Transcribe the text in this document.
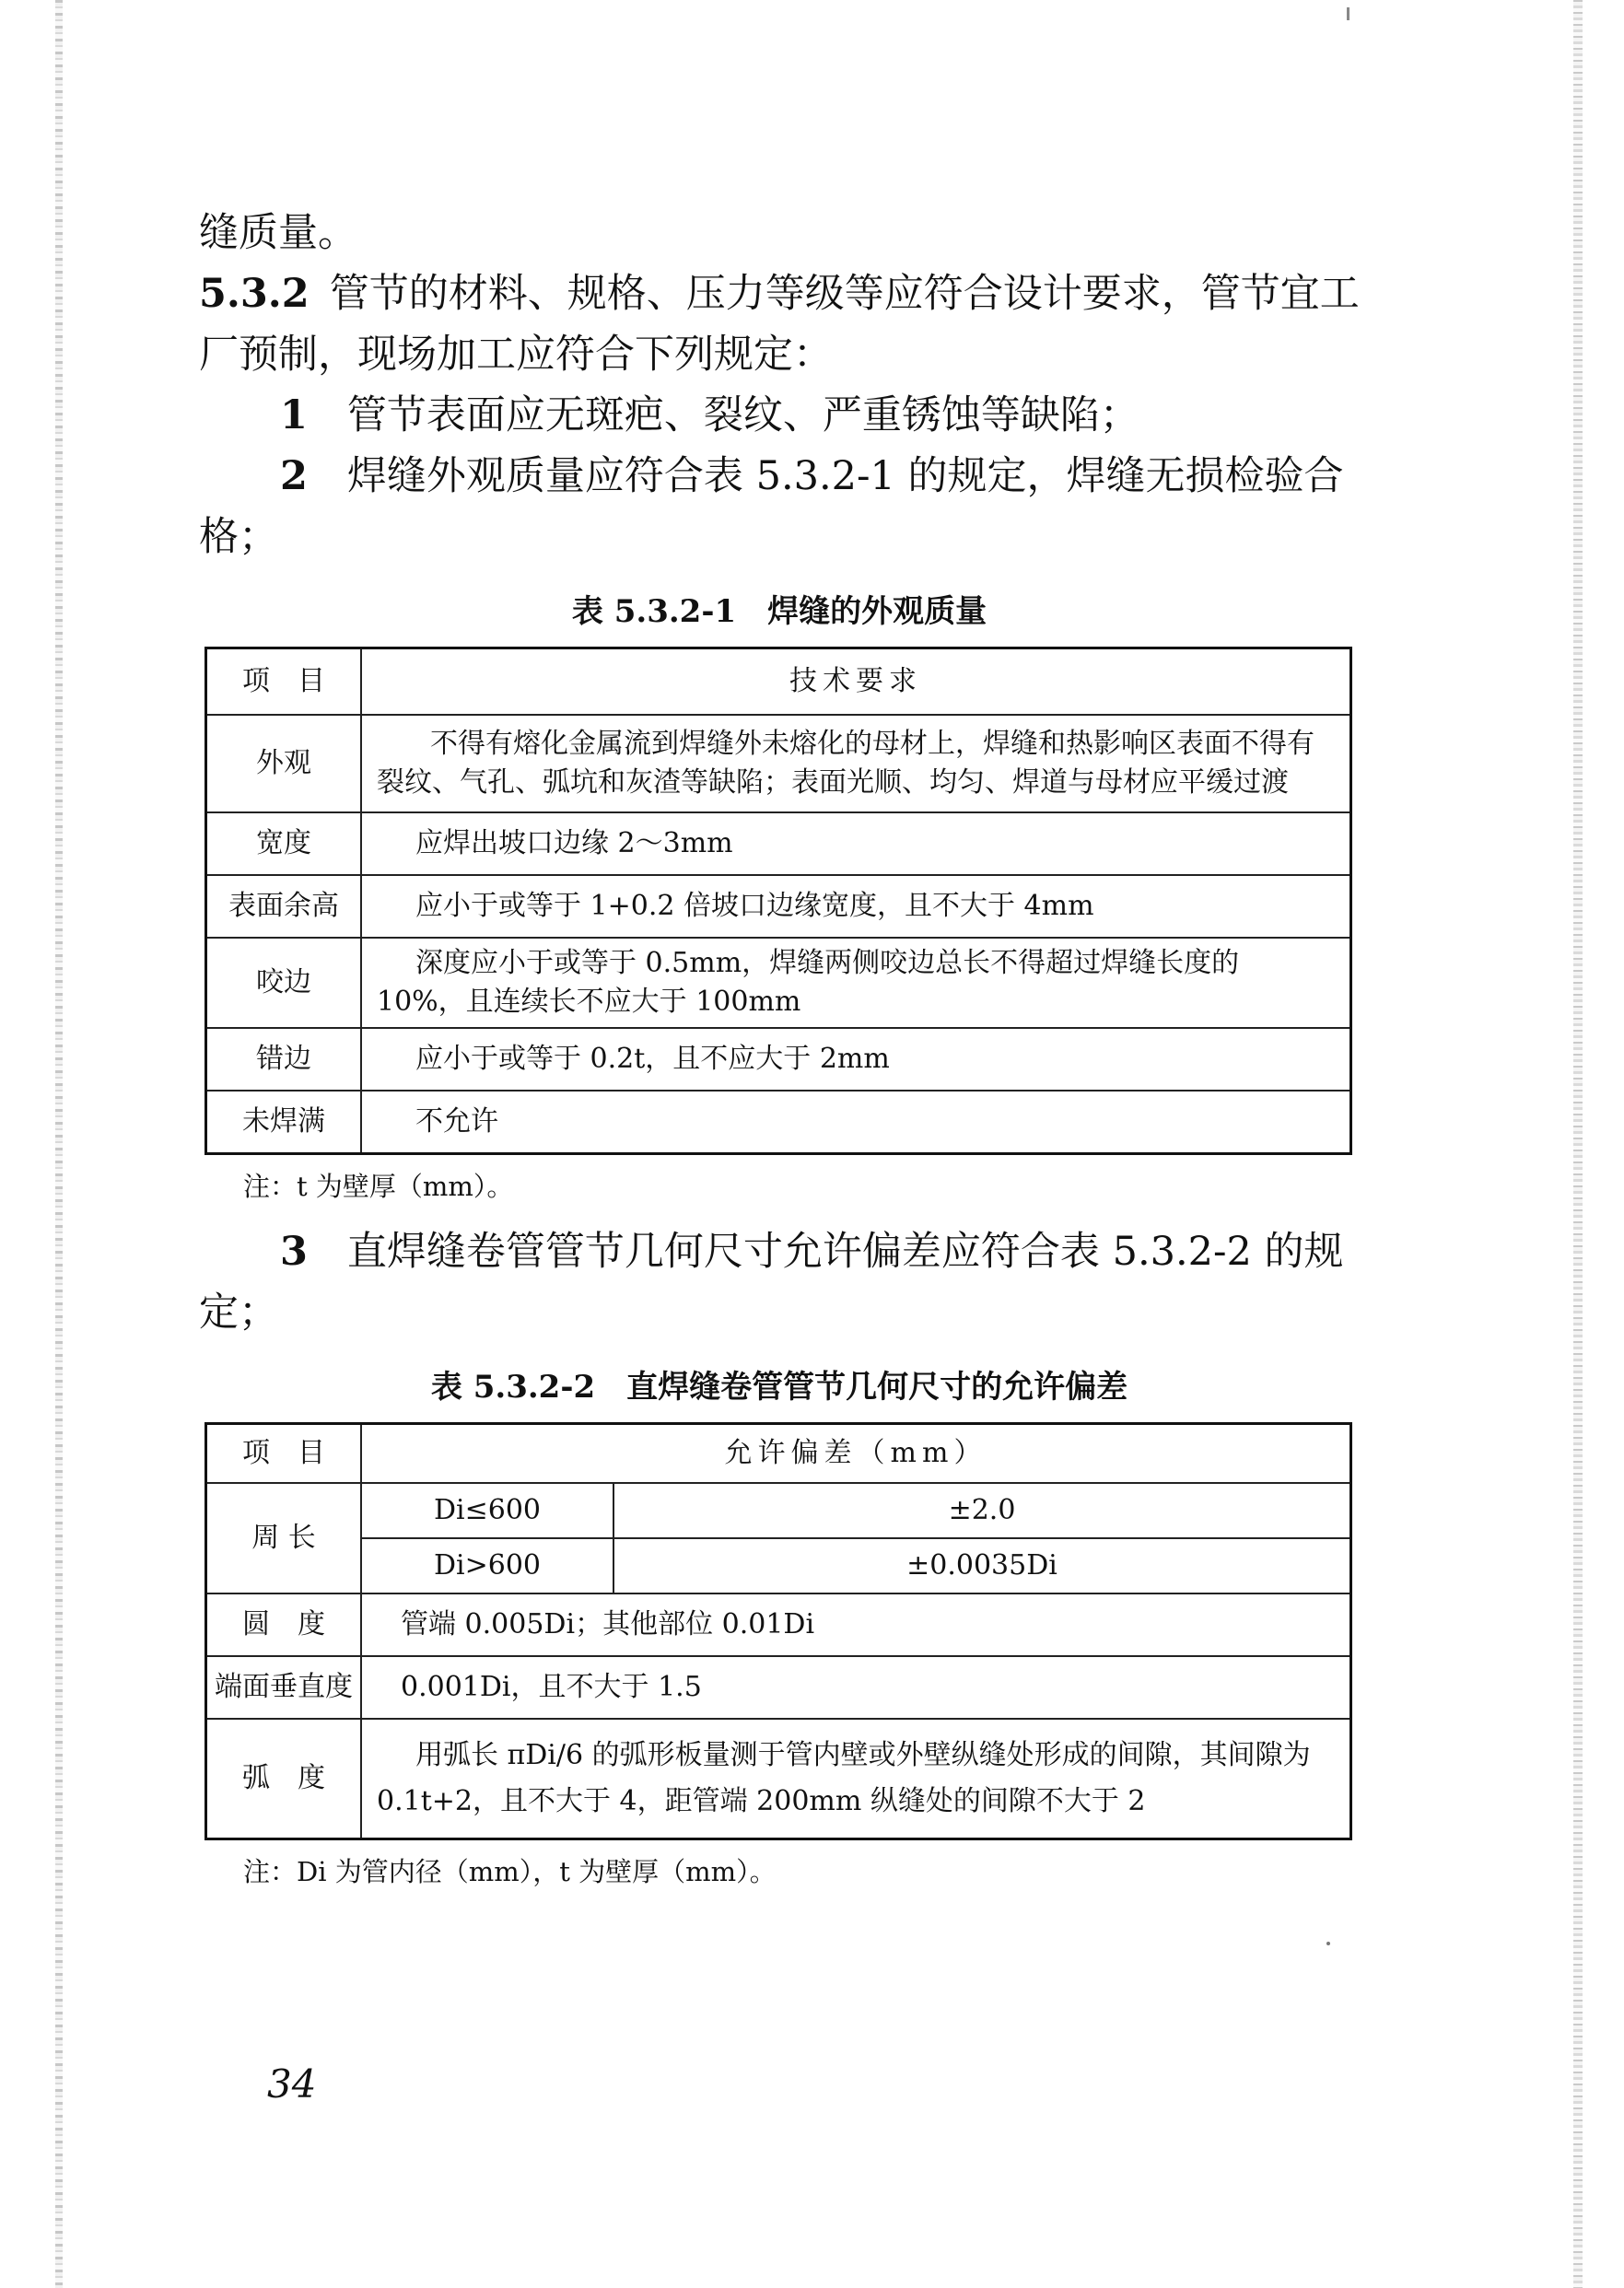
缝质量。

5.3.2 管节的材料、规格、压力等级等应符合设计要求，管节宜工厂预制，现场加工应符合下列规定：

1　 管节表面应无斑疤、裂纹、严重锈蚀等缺陷；

2　 焊缝外观质量应符合表 5.3.2-1 的规定，焊缝无损检验合格；

表 5.3.2-1 焊缝的外观质量
项　目	技术要求
外观	不得有熔化金属流到焊缝外未熔化的母材上，焊缝和热影响区表面不得有裂纹、气孔、弧坑和灰渣等缺陷；表面光顺、均匀、焊道与母材应平缓过渡
宽度	应焊出坡口边缘 2～3mm
表面余高	应小于或等于 1+0.2 倍坡口边缘宽度，且不大于 4mm
咬边	深度应小于或等于 0.5mm，焊缝两侧咬边总长不得超过焊缝长度的 10%，且连续长不应大于 100mm
错边	应小于或等于 0.2t，且不应大于 2mm
未焊满	不允许

注：t 为壁厚（mm）。

3　 直焊缝卷管管节几何尺寸允许偏差应符合表 5.3.2-2 的规定；

表 5.3.2-2 直焊缝卷管管节几何尺寸的允许偏差
项　目	允许偏差（mm）	
周 长	Di≤600	±2.0
	Di>600	±0.0035Di
圆　度	管端 0.005Di；其他部位 0.01Di	
端面垂直度	0.001Di，且不大于 1.5	
弧　度	用弧长 πDi/6 的弧形板量测于管内壁或外壁纵缝处形成的间隙，其间隙为 0.1t+2，且不大于 4，距管端 200mm 纵缝处的间隙不大于 2	

注：Di 为管内径（mm），t 为壁厚（mm）。

34
